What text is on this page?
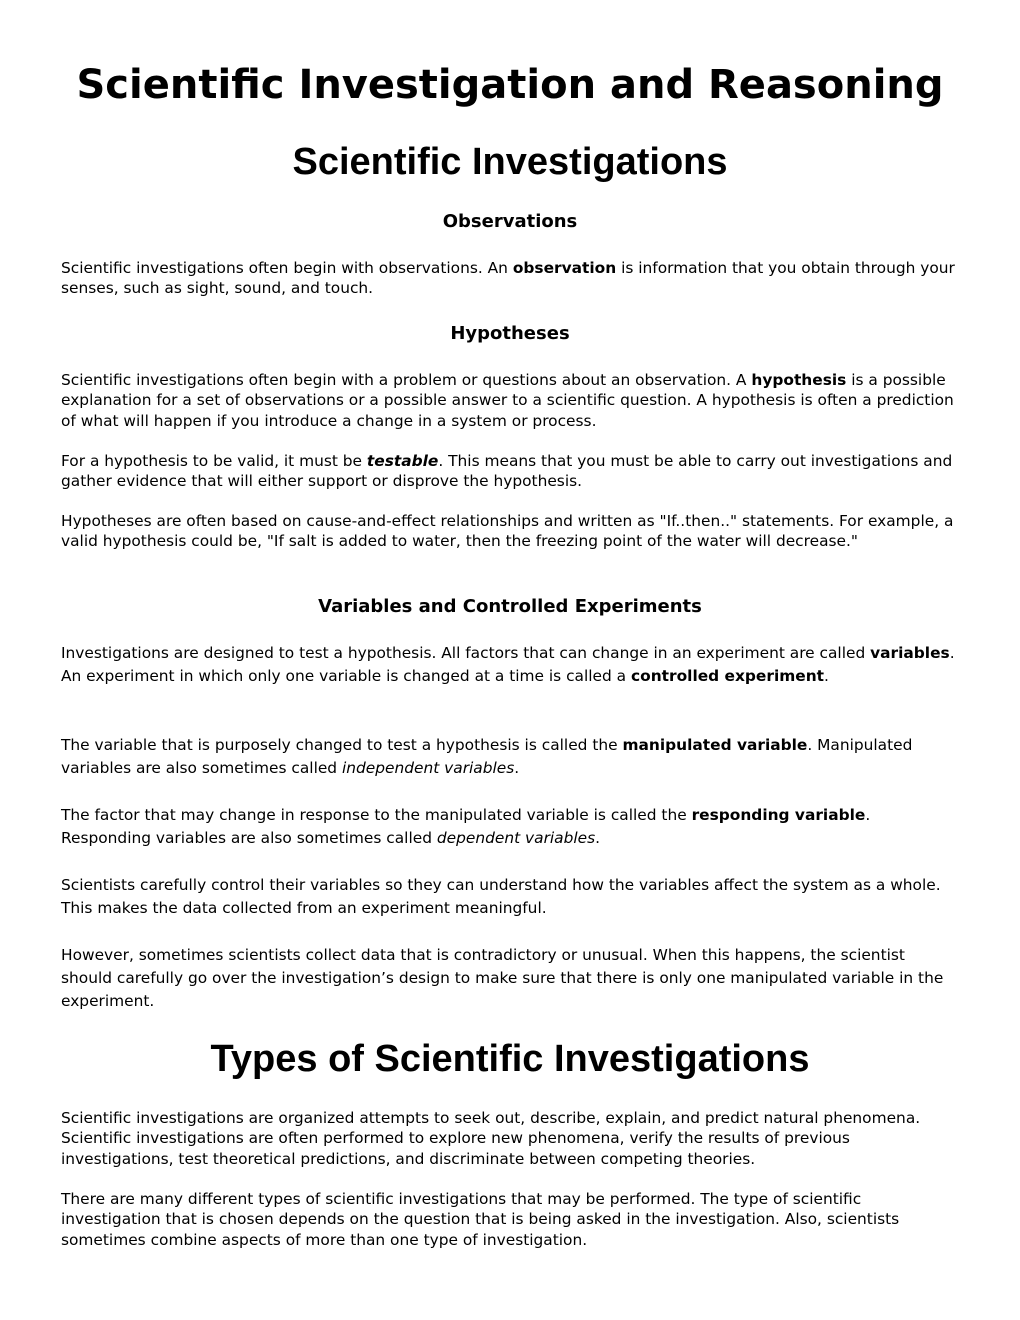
Scientific Investigation and Reasoning
Scientific Investigations
Observations

Scientific investigations often begin with observations. An observation is information that you obtain through your senses, such as sight, sound, and touch.

Hypotheses

Scientific investigations often begin with a problem or questions about an observation. A hypothesis is a possible explanation for a set of observations or a possible answer to a scientific question. A hypothesis is often a prediction of what will happen if you introduce a change in a system or process.

For a hypothesis to be valid, it must be testable. This means that you must be able to carry out investigations and gather evidence that will either support or disprove the hypothesis.

Hypotheses are often based on cause-and-effect relationships and written as "If..then.." statements. For example, a valid hypothesis could be, "If salt is added to water, then the freezing point of the water will decrease."

Variables and Controlled Experiments

Investigations are designed to test a hypothesis. All factors that can change in an experiment are called variables. An experiment in which only one variable is changed at a time is called a controlled experiment.

The variable that is purposely changed to test a hypothesis is called the manipulated variable. Manipulated variables are also sometimes called independent variables.

The factor that may change in response to the manipulated variable is called the responding variable. Responding variables are also sometimes called dependent variables.

Scientists carefully control their variables so they can understand how the variables affect the system as a whole. This makes the data collected from an experiment meaningful.

However, sometimes scientists collect data that is contradictory or unusual. When this happens, the scientist should carefully go over the investigation’s design to make sure that there is only one manipulated variable in the experiment.

Types of Scientific Investigations

Scientific investigations are organized attempts to seek out, describe, explain, and predict natural phenomena. Scientific investigations are often performed to explore new phenomena, verify the results of previous investigations, test theoretical predictions, and discriminate between competing theories.

There are many different types of scientific investigations that may be performed. The type of scientific investigation that is chosen depends on the question that is being asked in the investigation. Also, scientists sometimes combine aspects of more than one type of investigation.
